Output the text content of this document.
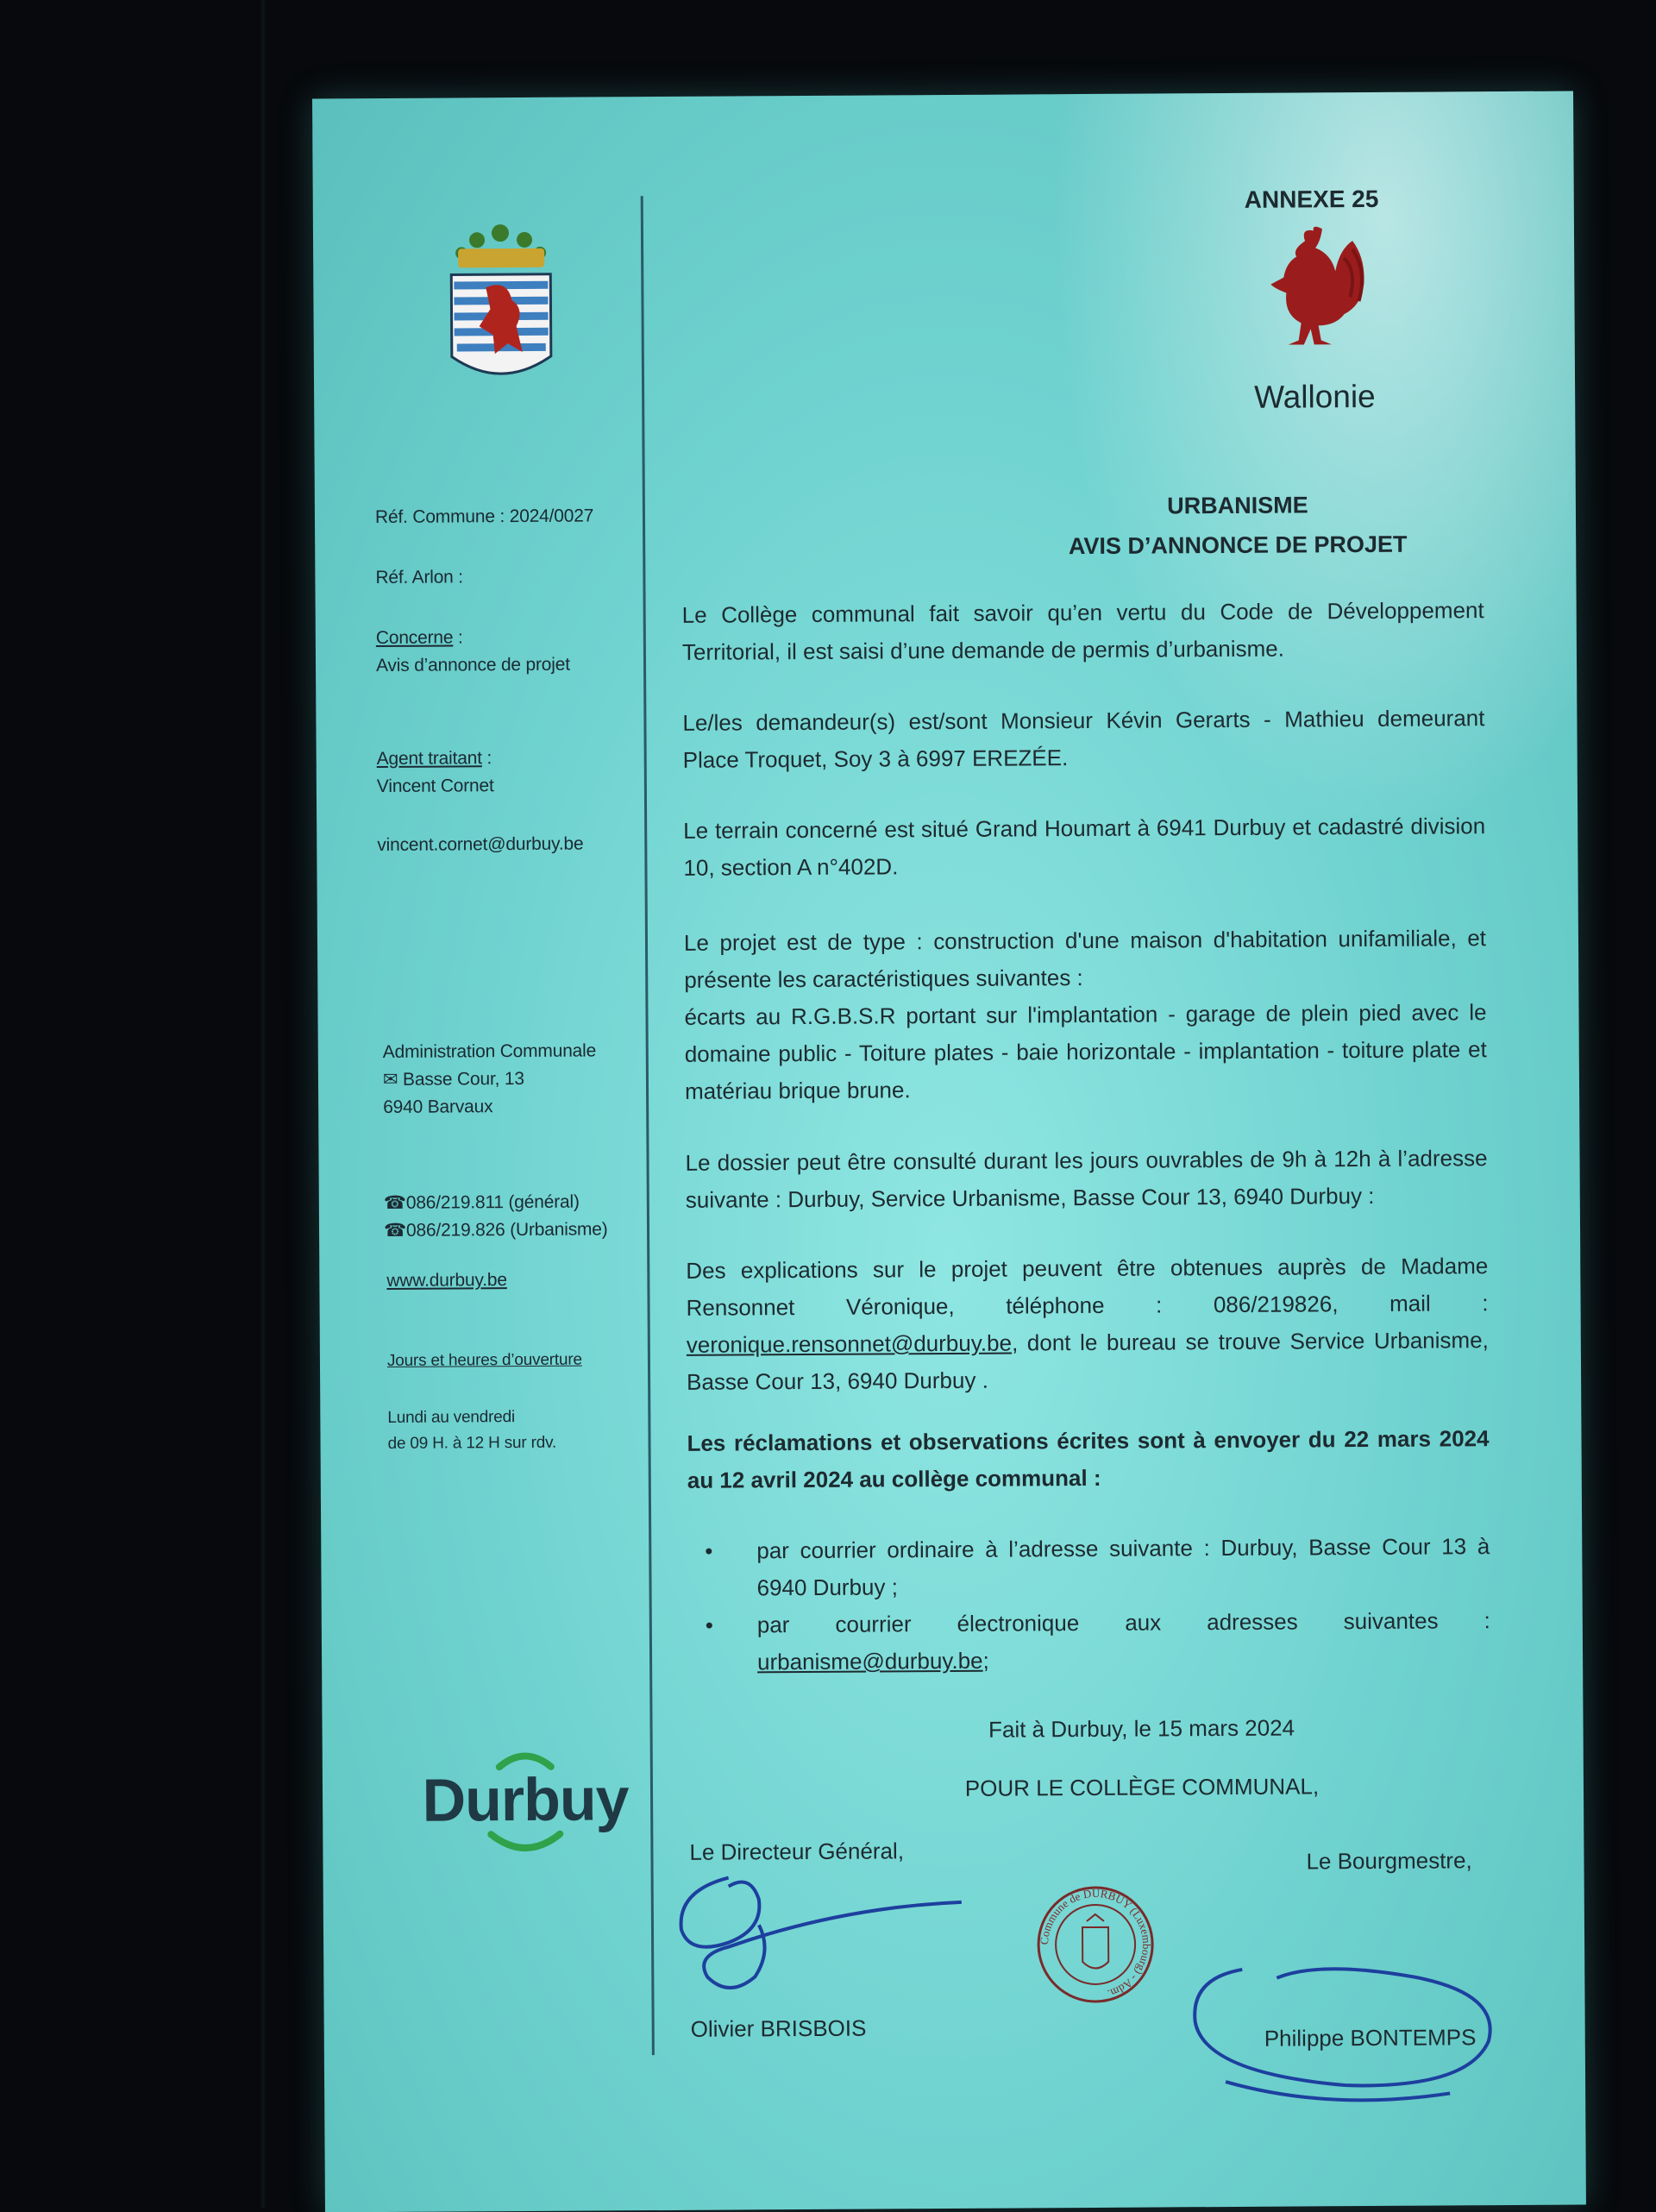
Réf. Commune : 2024/0027
Réf. Arlon :
Concerne :
Avis d’annonce de projet
Agent traitant :
Vincent Cornet
vincent.cornet@durbuy.be
Administration Communale
✉ Basse Cour, 13
6940 Barvaux
☎086/219.811 (général)
☎086/219.826 (Urbanisme)
www.durbuy.be
Jours et heures d’ouverture
Lundi au vendredi
de 09 H. à 12 H sur rdv.
Durbuy
ANNEXE 25
Wallonie
URBANISME
AVIS D’ANNONCE DE PROJET
Le Collège communal fait savoir qu’en vertu du Code de Développement Territorial, il est saisi d’une demande de permis d’urbanisme.
Le/les demandeur(s) est/sont Monsieur Kévin Gerarts - Mathieu demeurant Place Troquet, Soy 3 à 6997 EREZÉE.
Le terrain concerné est situé Grand Houmart à 6941 Durbuy et cadastré division 10, section A n°402D.
Le projet est de type : construction d'une maison d'habitation unifamiliale, et présente les caractéristiques suivantes :
écarts au R.G.B.S.R portant sur l'implantation - garage de plein pied avec le domaine public - Toiture plates - baie horizontale - implantation - toiture plate et matériau brique brune.
Le dossier peut être consulté durant les jours ouvrables de 9h à 12h à l’adresse suivante : Durbuy, Service Urbanisme, Basse Cour 13, 6940 Durbuy :
Des explications sur le projet peuvent être obtenues auprès de Madame Rensonnet Véronique, téléphone : 086/219826, mail : veronique.rensonnet@durbuy.be, dont le bureau se trouve Service Urbanisme, Basse Cour 13, 6940 Durbuy .
Les réclamations et observations écrites sont à envoyer du 22 mars 2024 au 12 avril 2024 au collège communal :
• par courrier ordinaire à l’adresse suivante : Durbuy, Basse Cour 13 à 6940 Durbuy ;
• par courrier électronique aux adresses suivantes : urbanisme@durbuy.be;
Fait à Durbuy, le 15 mars 2024
POUR LE COLLÈGE COMMUNAL,
Le Directeur Général,	Le Bourgmestre,
Commune de DURBUY (Luxembourg) - Adm.
Olivier BRISBOIS	Philippe BONTEMPS
